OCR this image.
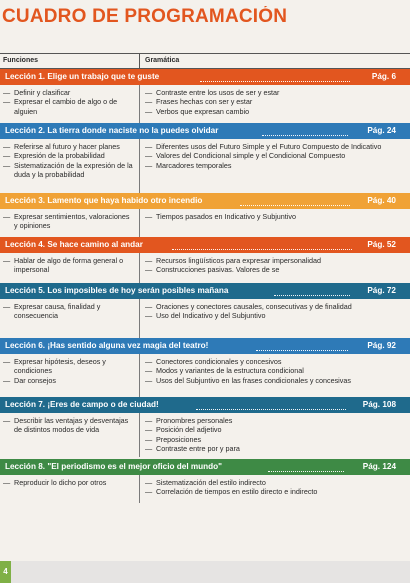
CUADRO DE PROGRAMACIÓN
Funciones	Gramática
Lección 1. Elige un trabajo que te guste	Pág. 6
— Definir y clasificar
— Expresar el cambio de algo o de alguien
— Contraste entre los usos de ser y estar
— Frases hechas con ser y estar
— Verbos que expresan cambio
Lección 2. La tierra donde naciste no la puedes olvidar	Pág. 24
— Referirse al futuro y hacer planes
— Expresión de la probabilidad
— Sistematización de la expresión de la duda y la probabilidad
— Diferentes usos del Futuro Simple y el Futuro Compuesto de Indicativo
— Valores del Condicional simple y el Condicional Compuesto
— Marcadores temporales
Lección 3. Lamento que haya habido otro incendio	Pág. 40
— Expresar sentimientos, valoraciones y opiniones
— Tiempos pasados en Indicativo y Subjuntivo
Lección 4. Se hace camino al andar	Pág. 52
— Hablar de algo de forma general o impersonal
— Recursos lingüísticos para expresar impersonalidad
— Construcciones pasivas. Valores de se
Lección 5. Los imposibles de hoy serán posibles mañana	Pág. 72
— Expresar causa, finalidad y consecuencia
— Oraciones y conectores causales, consecutivas y de finalidad
— Uso del Indicativo y del Subjuntivo
Lección 6. ¡Has sentido alguna vez magia del teatro!	Pág. 92
— Expresar hipótesis, deseos y condiciones
— Dar consejos
— Conectores condicionales y concesivos
— Modos y variantes de la estructura condicional
— Usos del Subjuntivo en las frases condicionales y concesivas
Lección 7. ¡Eres de campo o de ciudad!	Pág. 108
— Describir las ventajas y desventajas de distintos modos de vida
— Pronombres personales
— Posición del adjetivo
— Preposiciones
— Contraste entre por y para
Lección 8. "El periodismo es el mejor oficio del mundo"	Pág. 124
— Reproducir lo dicho por otros
—	Sistematización del estilo indirecto
— Correlación de tiempos en estilo directo e indirecto
4
